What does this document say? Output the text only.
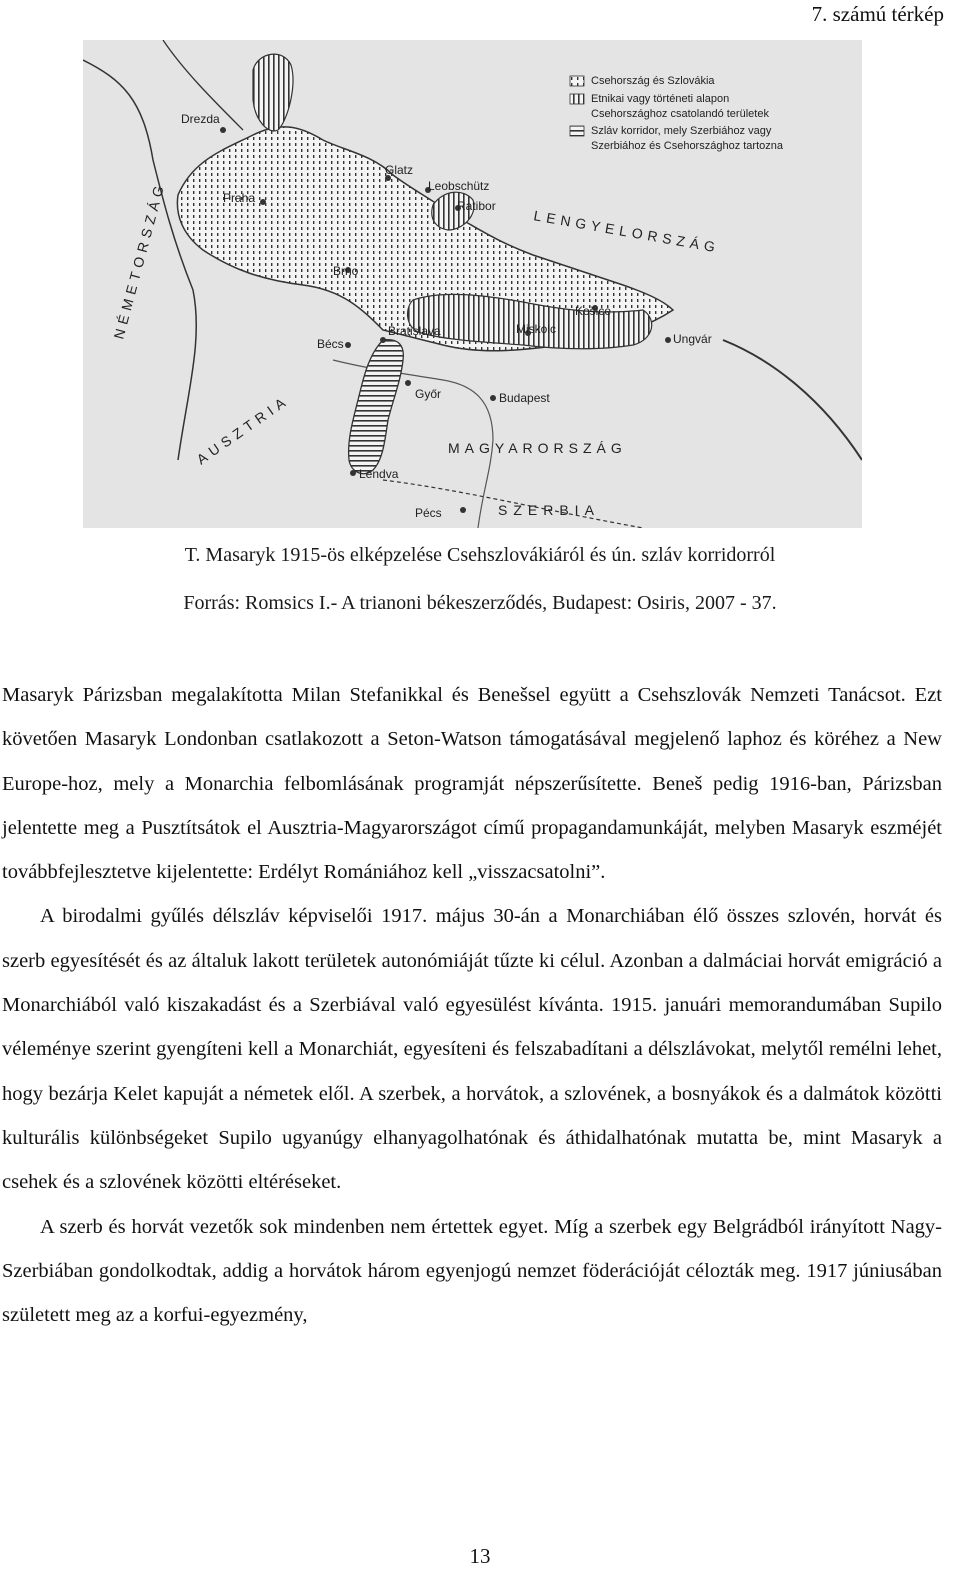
7. számú térkép
Csehország és Szlovákia
Etnikai vagy történeti alapon
Csehországhoz csatolandó területek
Szláv korridor, mely Szerbiához vagy
Szerbiához és Csehországhoz tartozna
NÉMETORSZÁG	LENGYELORSZÁG
AUSZTRIA	MAGYARORSZÁG
SZERBIA
Drezda
Glatz
Leobschütz
Ratibor
Praha
Brno
Bratislava
Bécs
Košice
Miskolc
Ungvár
Győr	Budapest
Lendva
Pécs
T. Masaryk 1915-ös elképzelése Csehszlovákiáról és ún. szláv korridorról
Forrás: Romsics I.- A trianoni békeszerződés, Budapest: Osiris, 2007 - 37.

Masaryk Párizsban megalakította Milan Stefanikkal és Benešsel együtt a Csehszlovák Nemzeti Tanácsot. Ezt követően Masaryk Londonban csatlakozott a Seton-Watson támogatásával megjelenő laphoz és köréhez a New Europe-hoz, mely a Monarchia felbomlásának programját népszerűsítette. Beneš pedig 1916-ban, Párizsban jelentette meg a Pusztítsátok el Ausztria-Magyarországot című propagandamunkáját, melyben Masaryk eszméjét továbbfejlesztetve kijelentette: Erdélyt Romániához kell „visszacsatolni”.

A birodalmi gyűlés délszláv képviselői 1917. május 30-án a Monarchiában élő összes szlovén, horvát és szerb egyesítését és az általuk lakott területek autonómiáját tűzte ki célul. Azonban a dalmáciai horvát emigráció a Monarchiából való kiszakadást és a Szerbiával való egyesülést kívánta. 1915. januári memorandumában Supilo véleménye szerint gyengíteni kell a Monarchiát, egyesíteni és felszabadítani a délszlávokat, melytől remélni lehet, hogy bezárja Kelet kapuját a németek elől. A szerbek, a horvátok, a szlovének, a bosnyákok és a dalmátok közötti kulturális különbségeket Supilo ugyanúgy elhanyagolhatónak és áthidalhatónak mutatta be, mint Masaryk a csehek és a szlovének közötti eltéréseket.

A szerb és horvát vezetők sok mindenben nem értettek egyet. Míg a szerbek egy Belgrádból irányított Nagy-Szerbiában gondolkodtak, addig a horvátok három egyenjogú nemzet föderációját célozták meg. 1917 júniusában született meg az a korfui-egyezmény,

13
